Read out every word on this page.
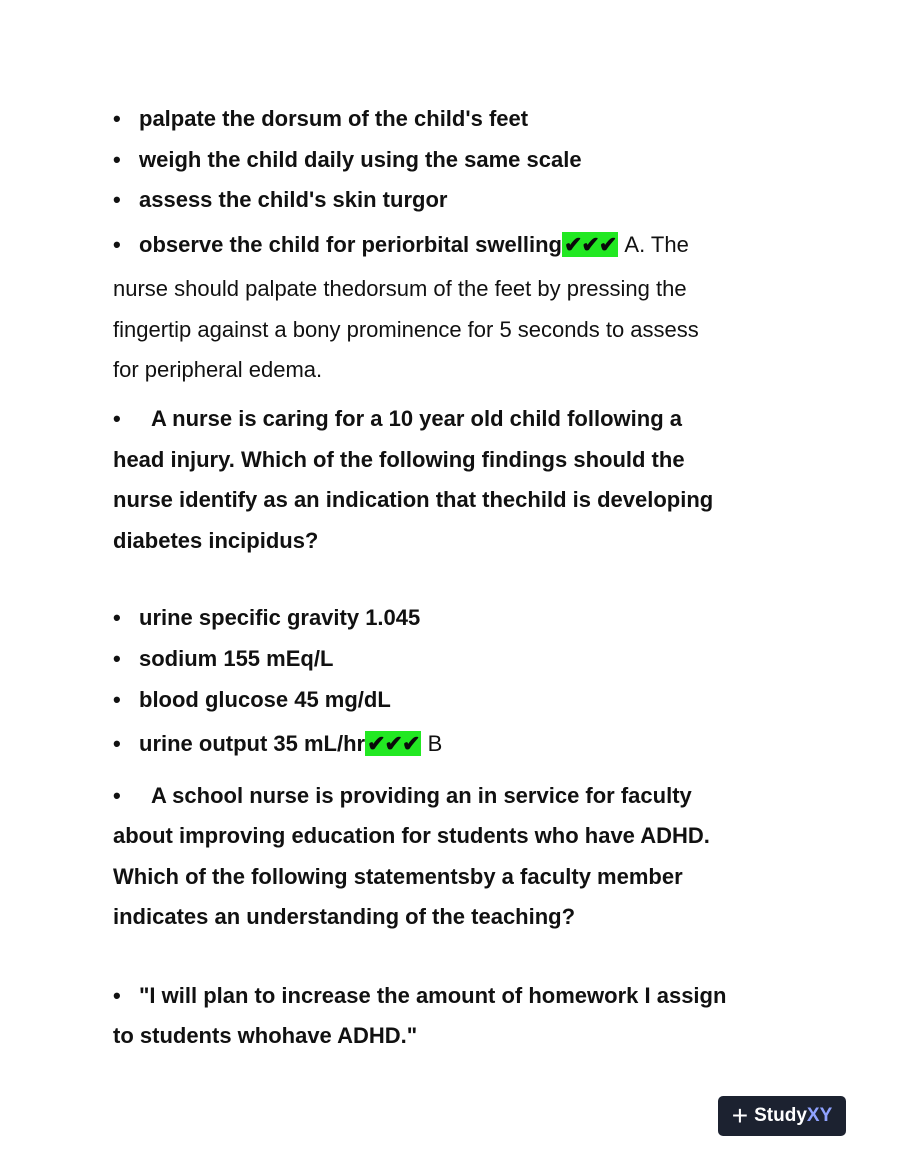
• palpate the dorsum of the child's feet
• weigh the child daily using the same scale
• assess the child's skin turgor
• observe the child for periorbital swelling✔✔✔ A. The
nurse should palpate thedorsum of the feet by pressing the
fingertip against a bony prominence for 5 seconds to assess
for peripheral edema.
• A nurse is caring for a 10 year old child following a
head injury. Which of the following findings should the
nurse identify as an indication that thechild is developing
diabetes incipidus?
• urine specific gravity 1.045
• sodium 155 mEq/L
• blood glucose 45 mg/dL
• urine output 35 mL/hr✔✔✔ B
• A school nurse is providing an in service for faculty
about improving education for students who have ADHD.
Which of the following statementsby a faculty member
indicates an understanding of the teaching?
• "I will plan to increase the amount of homework I assign
to students whohave ADHD."
+ Study XY
